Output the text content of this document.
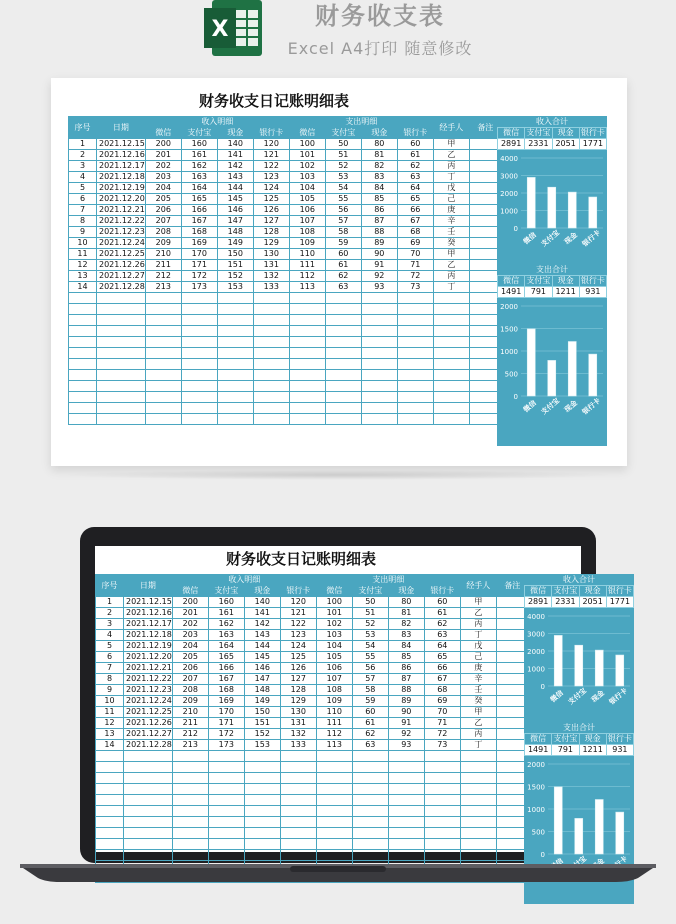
X	财务收支表
Excel A4打印 随意修改
财务收支日记账明细表
序号	日期	收入明细				支出明细				经手人	备注
		微信	支付宝	现金	银行卡	微信	支付宝	现金	银行卡		
1	2021.12.15	200	160	140	120	100	50	80	60	甲	
2	2021.12.16	201	161	141	121	101	51	81	61	乙	
3	2021.12.17	202	162	142	122	102	52	82	62	丙	
4	2021.12.18	203	163	143	123	103	53	83	63	丁	
5	2021.12.19	204	164	144	124	104	54	84	64	戊	
6	2021.12.20	205	165	145	125	105	55	85	65	己	
7	2021.12.21	206	166	146	126	106	56	86	66	庚	
8	2021.12.22	207	167	147	127	107	57	87	67	辛	
9	2021.12.23	208	168	148	128	108	58	88	68	壬	
10	2021.12.24	209	169	149	129	109	59	89	69	癸	
11	2021.12.25	210	170	150	130	110	60	90	70	甲	
12	2021.12.26	211	171	151	131	111	61	91	71	乙	
13	2021.12.27	212	172	152	132	112	62	92	72	丙	
14	2021.12.28	213	173	153	133	113	63	93	73	丁	

收入合计
微信	支付宝	现金	银行卡
2891	2331	2051	1771
4000
3000
2000
1000
0
微信 支付宝 现金 银行卡
支出合计
微信	支付宝	现金	银行卡
1491	791	1211	931
2000
1500
1000
500
0
微信 支付宝 现金 银行卡
财务收支日记账明细表
序号	日期	收入明细				支出明细				经手人	备注
		微信	支付宝	现金	银行卡	微信	支付宝	现金	银行卡		
1	2021.12.15	200	160	140	120	100	50	80	60	甲	
2	2021.12.16	201	161	141	121	101	51	81	61	乙	
3	2021.12.17	202	162	142	122	102	52	82	62	丙	
4	2021.12.18	203	163	143	123	103	53	83	63	丁	
5	2021.12.19	204	164	144	124	104	54	84	64	戊	
6	2021.12.20	205	165	145	125	105	55	85	65	己	
7	2021.12.21	206	166	146	126	106	56	86	66	庚	
8	2021.12.22	207	167	147	127	107	57	87	67	辛	
9	2021.12.23	208	168	148	128	108	58	88	68	壬	
10	2021.12.24	209	169	149	129	109	59	89	69	癸	
11	2021.12.25	210	170	150	130	110	60	90	70	甲	
12	2021.12.26	211	171	151	131	111	61	91	71	乙	
13	2021.12.27	212	172	152	132	112	62	92	72	丙	
14	2021.12.28	213	173	153	133	113	63	93	73	丁	

收入合计
微信	支付宝	现金	银行卡
2891	2331	2051	1771
4000
3000
2000
1000
0
微信 支付宝 现金 银行卡
支出合计
微信	支付宝	现金	银行卡
1491	791	1211	931
2000
1500
1000
500
0
